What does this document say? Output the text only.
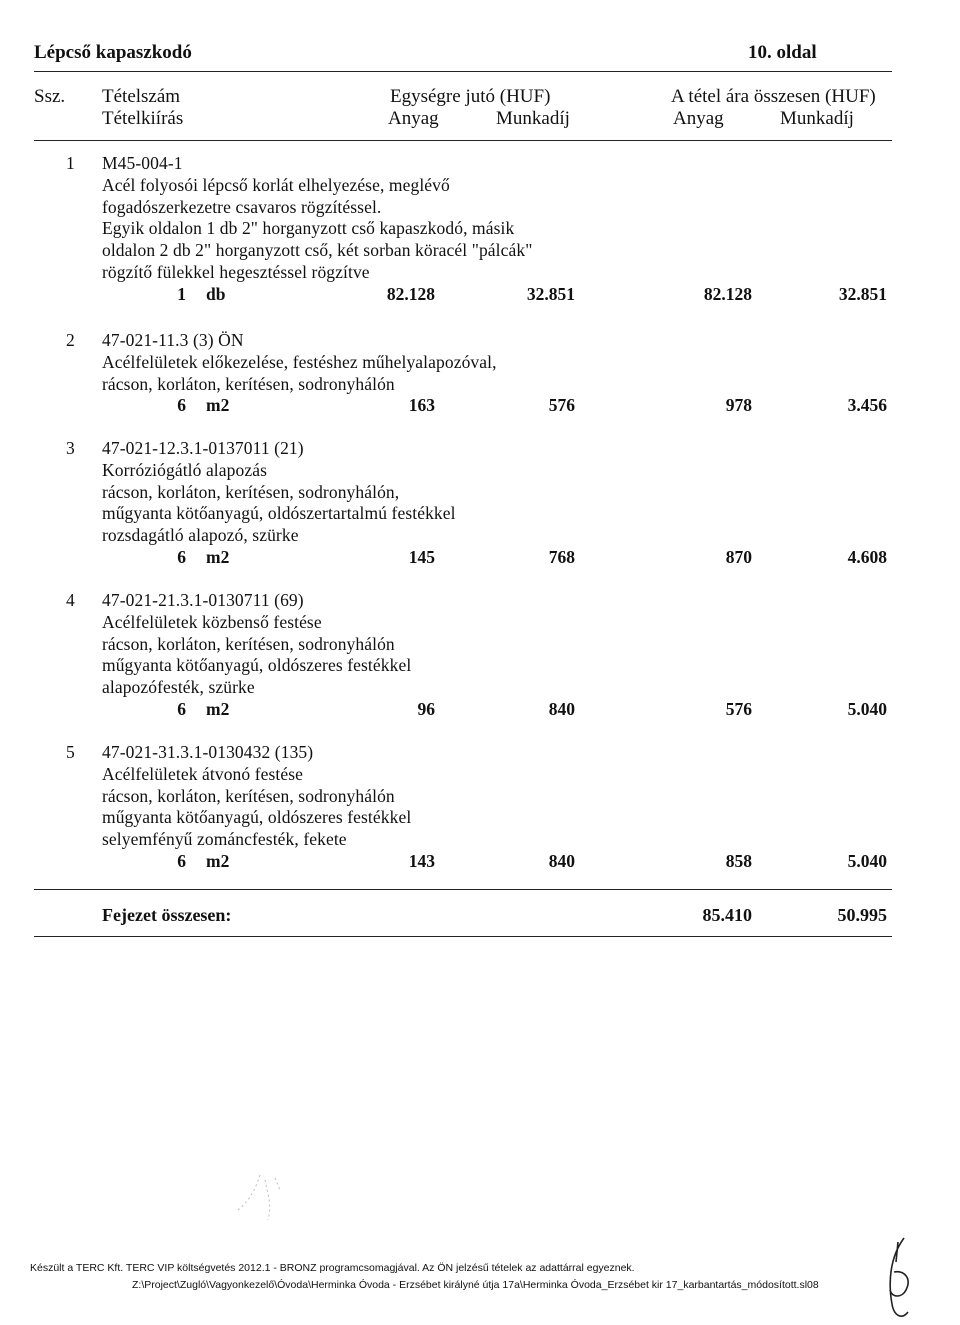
Lépcső kapaszkodó	10. oldal
Ssz. Tételszám
Tételkiírás
Egységre jutó (HUF)
Anyag	Munkadíj
A tétel ára összesen (HUF)
Anyag	Munkadíj
1 M45-004-1
Acél folyosói lépcső korlát elhelyezése, meglévő
fogadószerkezetre csavaros rögzítéssel.
Egyik oldalon 1 db 2" horganyzott cső kapaszkodó, másik
oldalon 2 db 2" horganyzott cső, két sorban köracél "pálcák"
rögzítő fülekkel hegesztéssel rögzítve
1 db	82.128	32.851	82.128	32.851
2 47-021-11.3 (3) ÖN
Acélfelületek előkezelése, festéshez műhelyalapozóval,
rácson, korláton, kerítésen, sodronyhálón
6 m2	163	576	978	3.456
3 47-021-12.3.1-0137011 (21)
Korróziógátló alapozás
rácson, korláton, kerítésen, sodronyhálón,
műgyanta kötőanyagú, oldószertartalmú festékkel
rozsdagátló alapozó, szürke
6 m2	145	768	870	4.608
4 47-021-21.3.1-0130711 (69)
Acélfelületek közbenső festése
rácson, korláton, kerítésen, sodronyhálón
műgyanta kötőanyagú, oldószeres festékkel
alapozófesték, szürke
6 m2	96	840	576	5.040
5 47-021-31.3.1-0130432 (135)
Acélfelületek átvonó festése
rácson, korláton, kerítésen, sodronyhálón
műgyanta kötőanyagú, oldószeres festékkel
selyemfényű zománcfesték, fekete
6 m2	143	840	858	5.040
Fejezet összesen:	85.410	50.995
Készült a TERC Kft. TERC VIP költségvetés 2012.1 - BRONZ programcsomagjával. Az ÖN jelzésű tételek az adattárral egyeznek.
Z:\Project\Zugló\Vagyonkezelő\Óvoda\Herminka Óvoda - Erzsébet királyné útja 17a\Herminka Óvoda_Erzsébet kir 17_karbantartás_módosított.sl08
